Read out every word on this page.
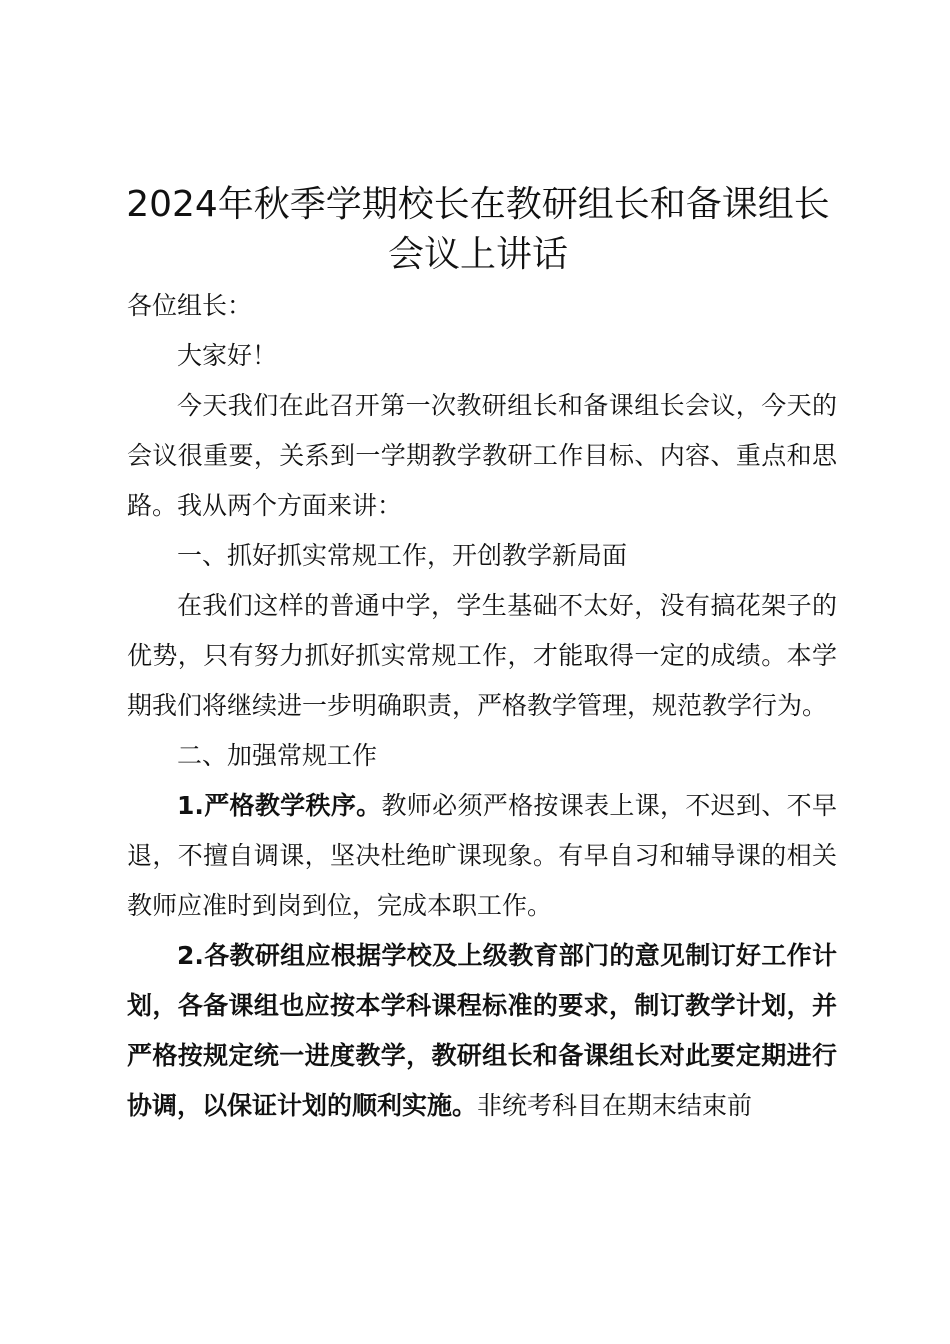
2024年秋季学期校长在教研组长和备课组长
会议上讲话

各位组长：

大家好！

今天我们在此召开第一次教研组长和备课组长会议，今天的会议很重要，关系到一学期教学教研工作目标、内容、重点和思路。我从两个方面来讲：

一、抓好抓实常规工作，开创教学新局面

在我们这样的普通中学，学生基础不太好，没有搞花架子的优势，只有努力抓好抓实常规工作，才能取得一定的成绩。本学期我们将继续进一步明确职责，严格教学管理，规范教学行为。

二、加强常规工作

1.严格教学秩序。教师必须严格按课表上课，不迟到、不早退，不擅自调课，坚决杜绝旷课现象。有早自习和辅导课的相关教师应准时到岗到位，完成本职工作。

2.各教研组应根据学校及上级教育部门的意见制订好工作计划，各备课组也应按本学科课程标准的要求，制订教学计划，并严格按规定统一进度教学，教研组长和备课组长对此要定期进行协调，以保证计划的顺利实施。非统考科目在期末结束前
